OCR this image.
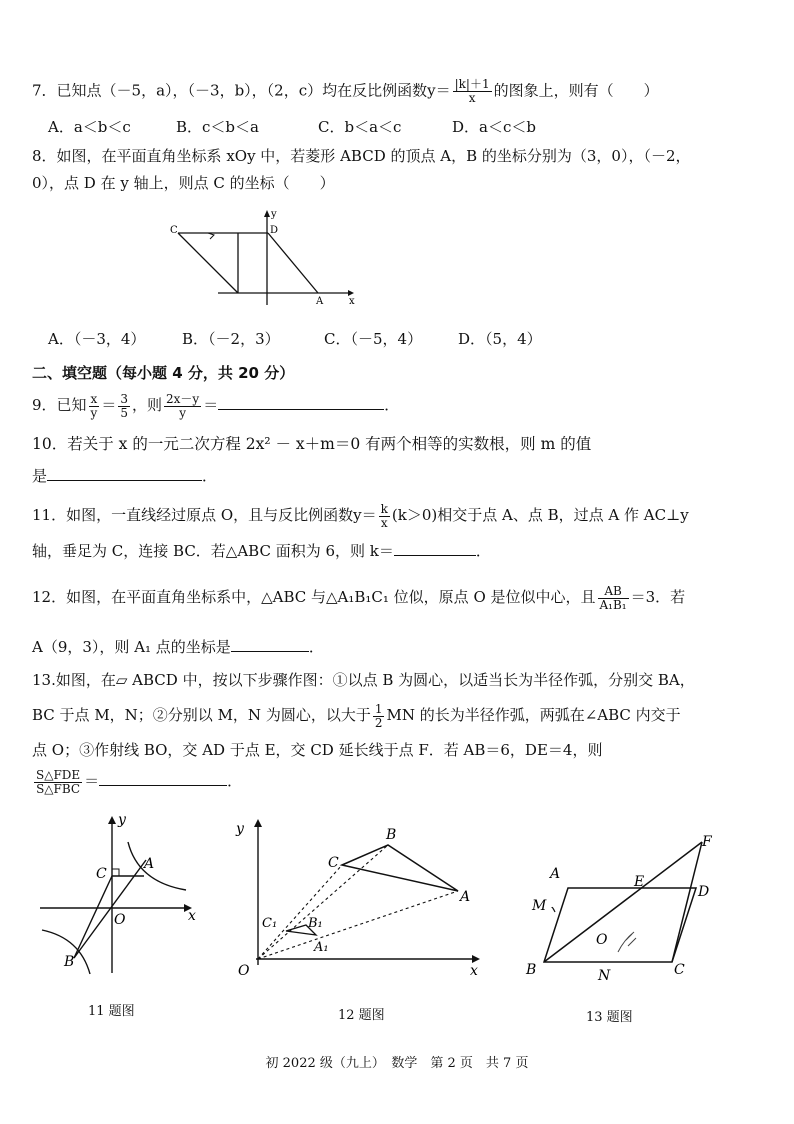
7．已知点（－5，a），（－3，b），（2，c）均在反比例函数$y= \frac{|k|+1}{x}$ 的图象上，则有（　　）
A．a＜b＜c	B．c＜b＜a	C．b＜a＜c	D．a＜c＜b
8．如图，在平面直角坐标系 xOy 中，若菱形 ABCD 的顶点 A，B 的坐标分别为（3，0），（－2，
0），点 D 在 y 轴上，则点 C 的坐标（　　）
C	D
y
A	x
A．（－3，4） B．（－2，3）	C．（－5，4） D．（5，4）
二、填空题（每小题 4 分，共 20 分）
9．已知 $\frac{x}{y} = \frac{3}{5}$ ，则 $\frac{2x-y}{y}$ ＝	．
10．若关于 x 的一元二次方程 2x² － x＋m＝0 有两个相等的实数根，则 m 的值
是	．
11．如图，一直线经过原点 O，且与反比例函数$y= \frac{k}{x} (k>0)$相交于点 A、点 B，过点 A 作 AC⊥y
轴，垂足为 C，连接 BC．若△ABC 面积为 6，则 k＝	．
12．如图，在平面直角坐标系中，△ABC 与△A₁B₁C₁ 位似，原点 O 是位似中心，且 $\frac{AB}{\text{A₁B₁}} =3$．若
A（9，3），则 A₁ 点的坐标是	．
13.如图，在▱ ABCD 中，按以下步骤作图：①以点 B 为圆心，以适当长为半径作弧，分别交 BA，
BC 于点 M，N；②分别以 M，N 为圆心，以大于 $\frac{1}{2}$ MN 的长为半径作弧，两弧在∠ABC 内交于
点 O；③作射线 BO，交 AD 于点 E，交 CD 延长线于点 F．若 AB＝6，DE＝4，则
$\frac{\text{S△FDE}}{\text{S△FBC}}$ ＝	．
y
x
C
A
O
B
11 题图
y
x
O
B
C
A
C₁ B₁
A₁
12 题图
F
A	E
D
M
O
B	N	C
13 题图
初 2022 级（九上）　数学　第 2 页　共 7 页
